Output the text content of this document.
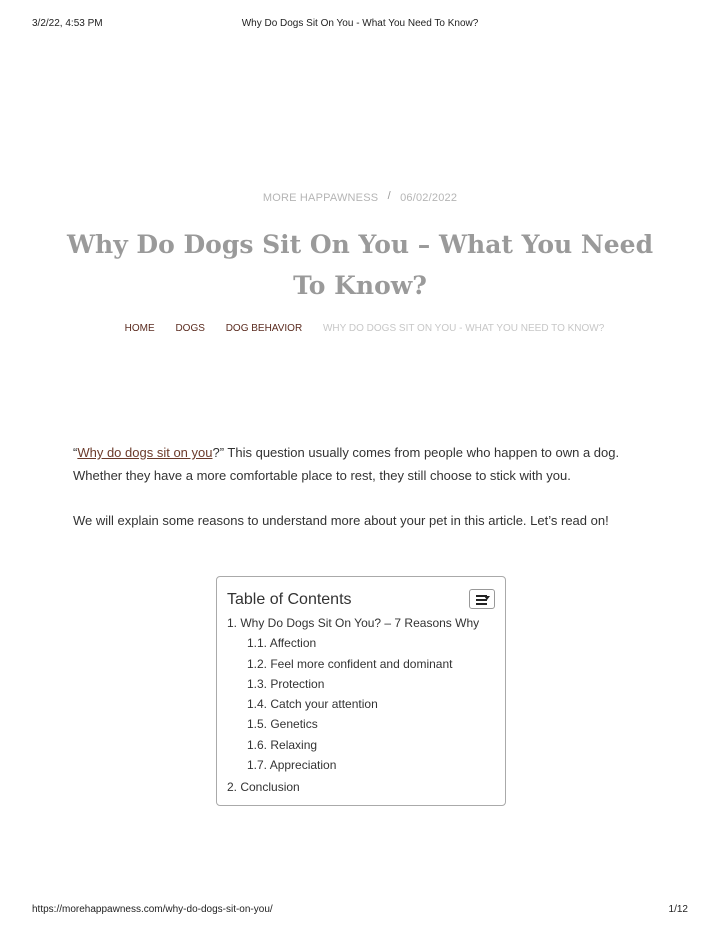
3/2/22, 4:53 PM	Why Do Dogs Sit On You - What You Need To Know?
MORE HAPPAWNESS / 06/02/2022
Why Do Dogs Sit On You – What You Need To Know?
HOME DOGS DOG BEHAVIOR WHY DO DOGS SIT ON YOU - WHAT YOU NEED TO KNOW?

“Why do dogs sit on you?” This question usually comes from people who happen to own a dog. Whether they have a more comfortable place to rest, they still choose to stick with you.

We will explain some reasons to understand more about your pet in this article. Let’s read on!

Table of Contents
1. Why Do Dogs Sit On You? – 7 Reasons Why
1.1. Affection
1.2. Feel more confident and dominant
1.3. Protection
1.4. Catch your attention
1.5. Genetics
1.6. Relaxing
1.7. Appreciation
2. Conclusion
https://morehappawness.com/why-do-dogs-sit-on-you/	1/12
